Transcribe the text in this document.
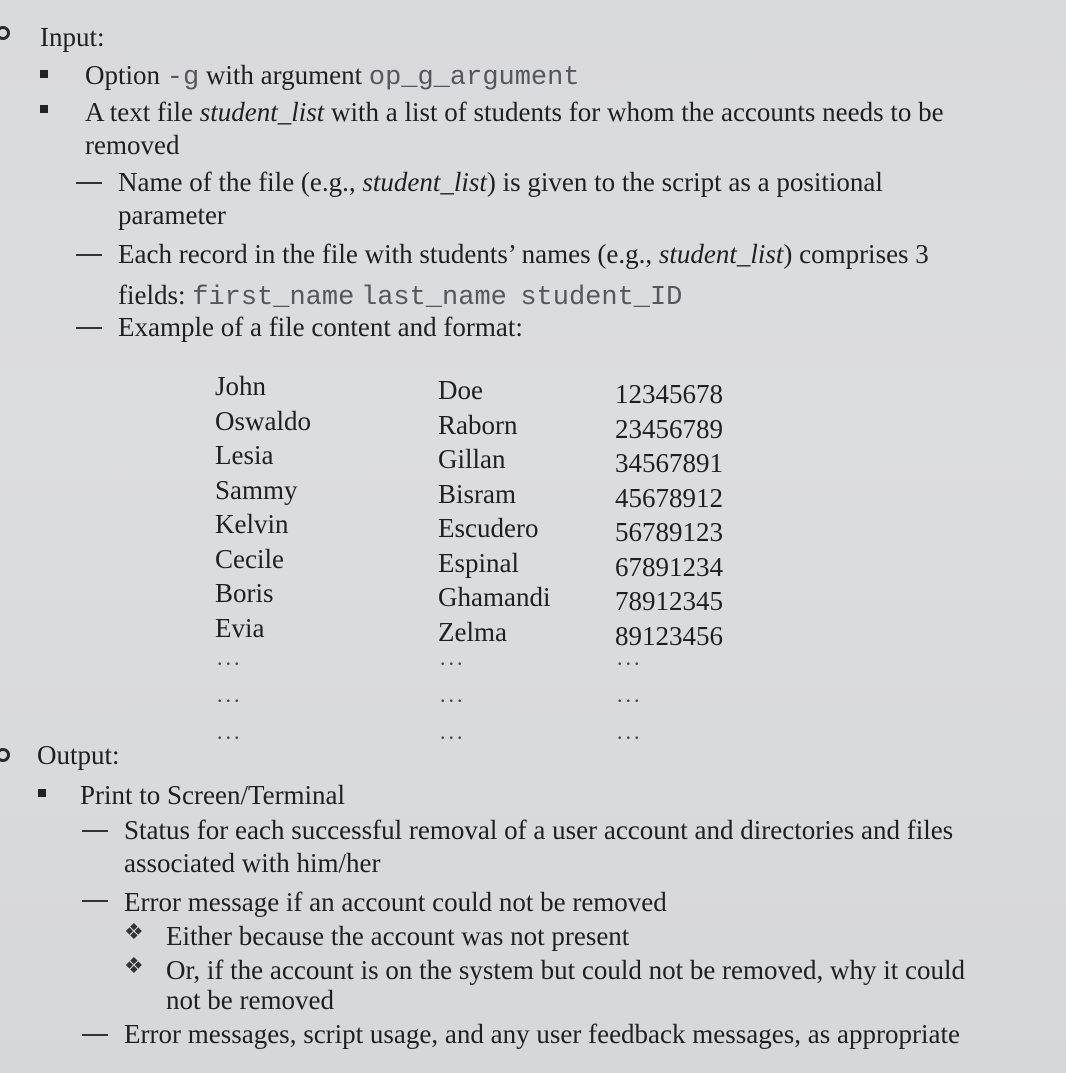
Input:
Option -g with argument op_g_argument
A text file student_list with a list of students for whom the accounts needs to be
removed
Name of the file (e.g., student_list) is given to the script as a positional
parameter
Each record in the file with students’ names (e.g., student_list) comprises 3
fields: first_name last_name student_ID
Example of a file content and format:
John
Oswaldo
Lesia
Sammy
Kelvin
Cecile
Boris
Evia
...
...
...
Doe
Raborn
Gillan
Bisram
Escudero
Espinal
Ghamandi
Zelma
...
...
...
12345678
23456789
34567891
45678912
56789123
67891234
78912345
89123456
...
...
...
Output:
Print to Screen/Terminal
Status for each successful removal of a user account and directories and files
associated with him/her
Error message if an account could not be removed
❖ Either because the account was not present
❖ Or, if the account is on the system but could not be removed, why it could
not be removed
Error messages, script usage, and any user feedback messages, as appropriate
